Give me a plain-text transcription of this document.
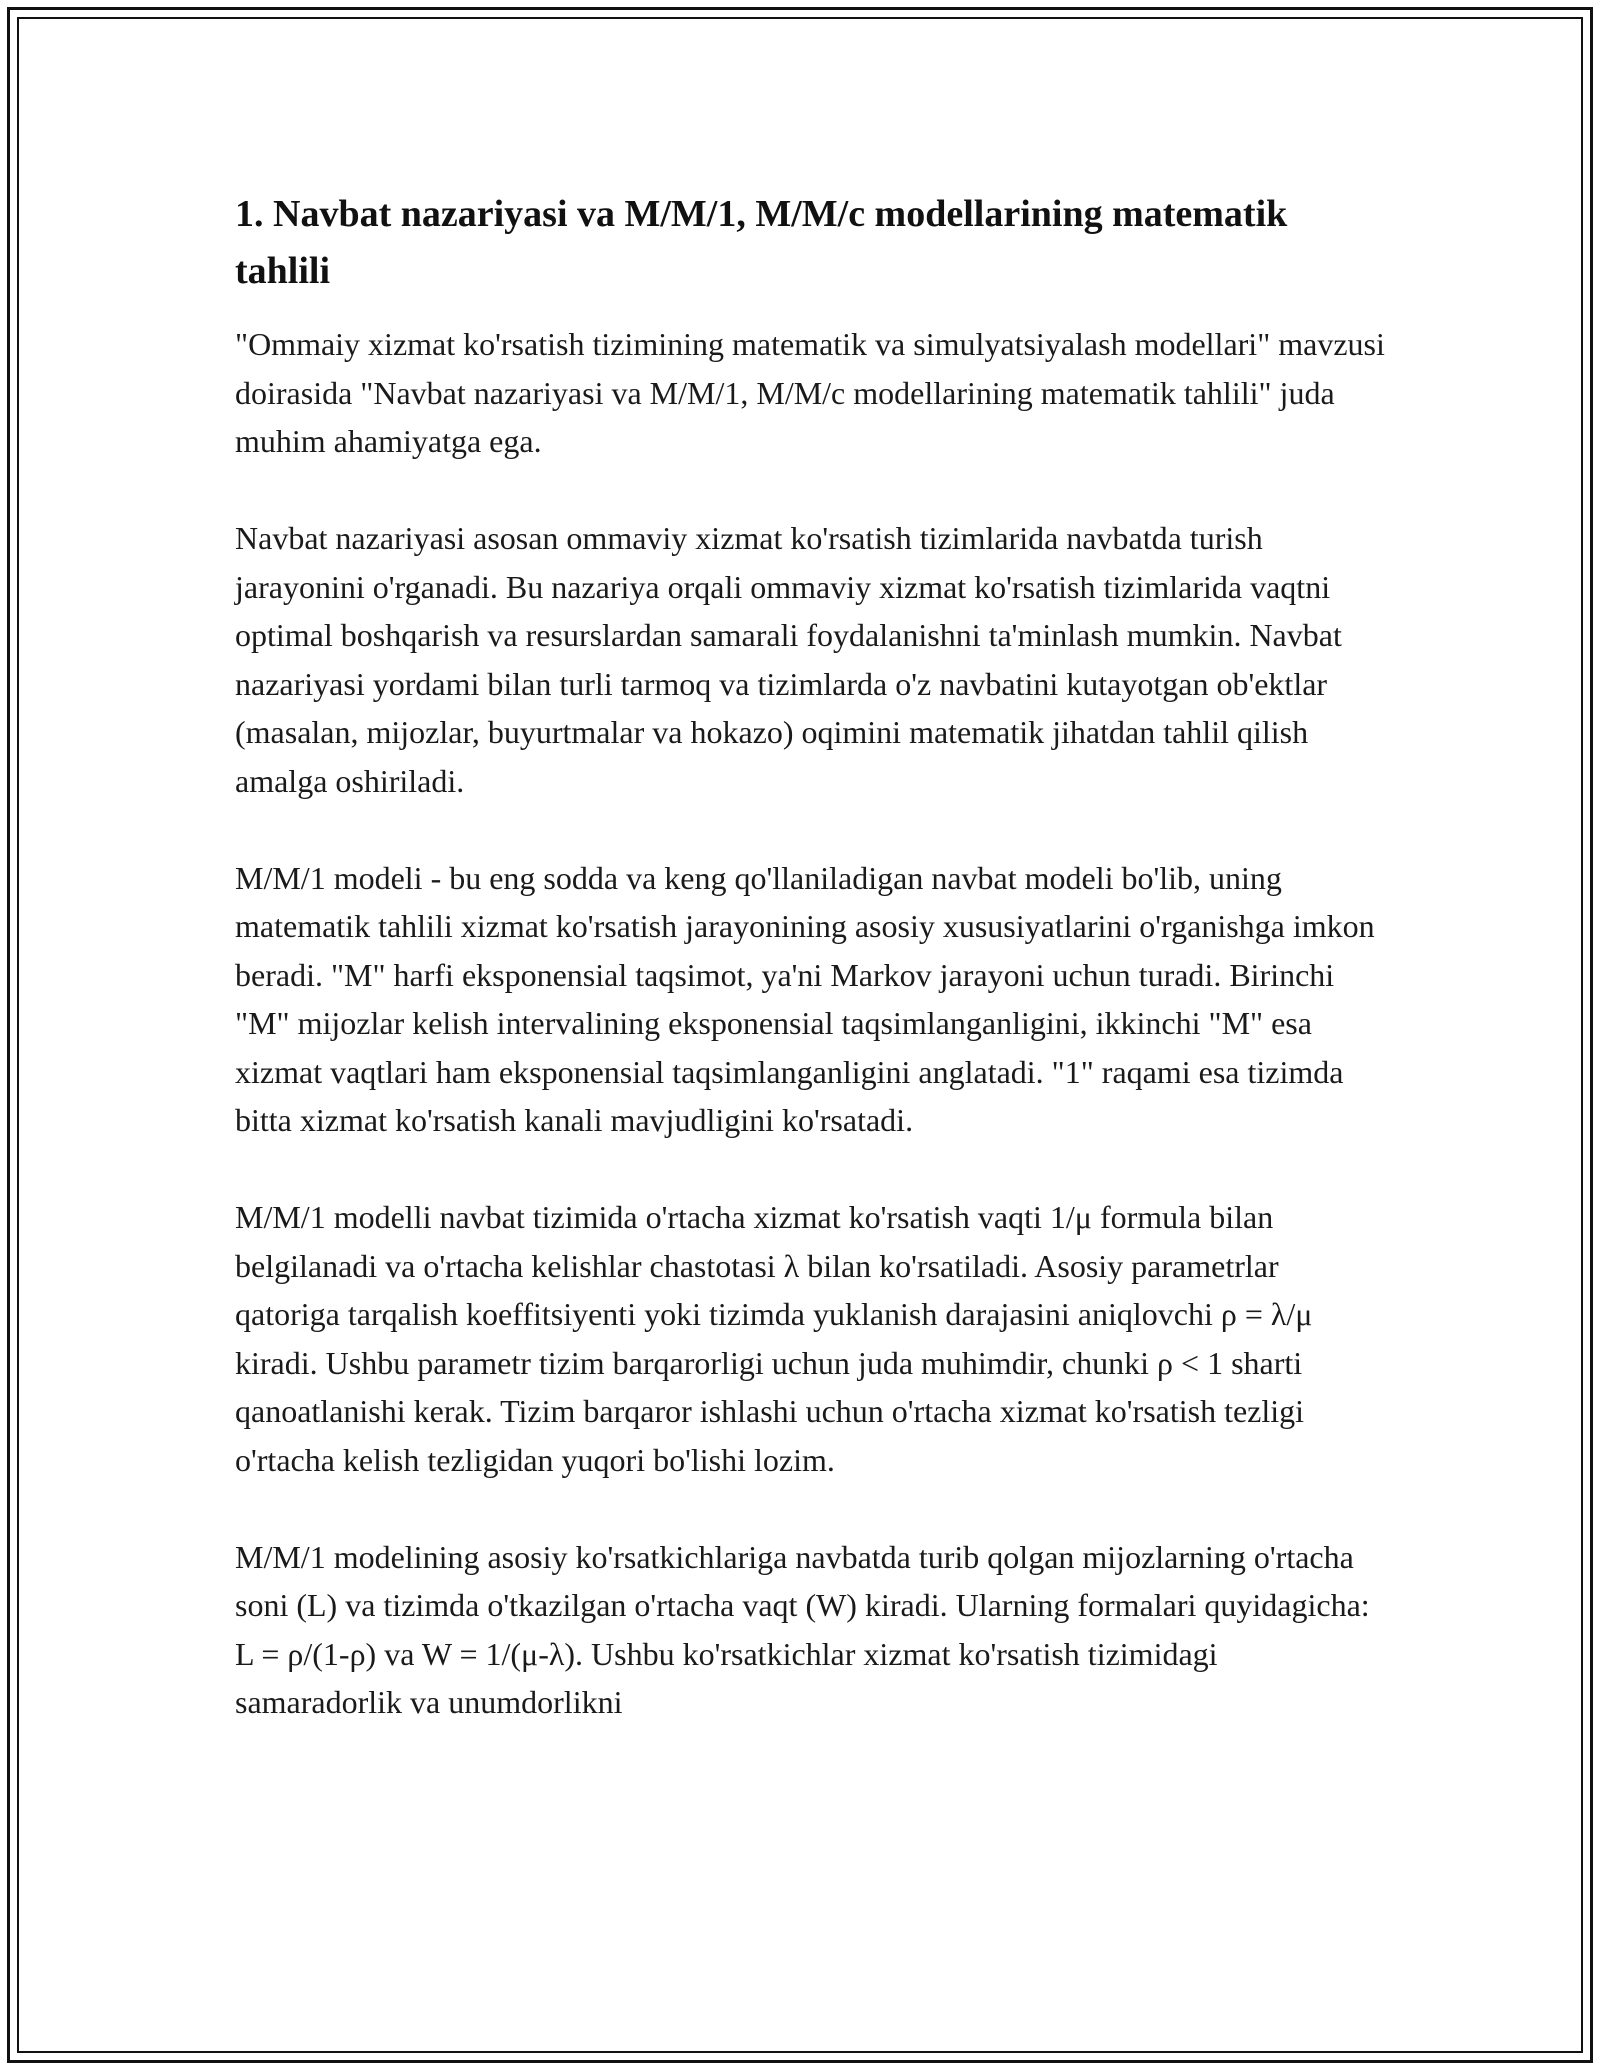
1. Navbat nazariyasi va M/M/1, M/M/c modellarining matematik tahlili

"Ommaiy xizmat ko'rsatish tizimining matematik va simulyatsiyalash modellari" mavzusi doirasida "Navbat nazariyasi va M/M/1, M/M/c modellarining matematik tahlili" juda muhim ahamiyatga ega.

Navbat nazariyasi asosan ommaviy xizmat ko'rsatish tizimlarida navbatda turish jarayonini o'rganadi. Bu nazariya orqali ommaviy xizmat ko'rsatish tizimlarida vaqtni optimal boshqarish va resurslardan samarali foydalanishni ta'minlash mumkin. Navbat nazariyasi yordami bilan turli tarmoq va tizimlarda o'z navbatini kutayotgan ob'ektlar (masalan, mijozlar, buyurtmalar va hokazo) oqimini matematik jihatdan tahlil qilish amalga oshiriladi.

M/M/1 modeli - bu eng sodda va keng qo'llaniladigan navbat modeli bo'lib, uning matematik tahlili xizmat ko'rsatish jarayonining asosiy xususiyatlarini o'rganishga imkon beradi. "M" harfi eksponensial taqsimot, ya'ni Markov jarayoni uchun turadi. Birinchi "M" mijozlar kelish intervalining eksponensial taqsimlanganligini, ikkinchi "M" esa xizmat vaqtlari ham eksponensial taqsimlanganligini anglatadi. "1" raqami esa tizimda bitta xizmat ko'rsatish kanali mavjudligini ko'rsatadi.

M/M/1 modelli navbat tizimida o'rtacha xizmat ko'rsatish vaqti 1/μ formula bilan belgilanadi va o'rtacha kelishlar chastotasi λ bilan ko'rsatiladi. Asosiy parametrlar qatoriga tarqalish koeffitsiyenti yoki tizimda yuklanish darajasini aniqlovchi ρ = λ/μ kiradi. Ushbu parametr tizim barqarorligi uchun juda muhimdir, chunki ρ < 1 sharti qanoatlanishi kerak. Tizim barqaror ishlashi uchun o'rtacha xizmat ko'rsatish tezligi o'rtacha kelish tezligidan yuqori bo'lishi lozim.

M/M/1 modelining asosiy ko'rsatkichlariga navbatda turib qolgan mijozlarning o'rtacha soni (L) va tizimda o'tkazilgan o'rtacha vaqt (W) kiradi. Ularning formalari quyidagicha: L = ρ/(1-ρ) va W = 1/(μ-λ). Ushbu ko'rsatkichlar xizmat ko'rsatish tizimidagi samaradorlik va unumdorlikni
